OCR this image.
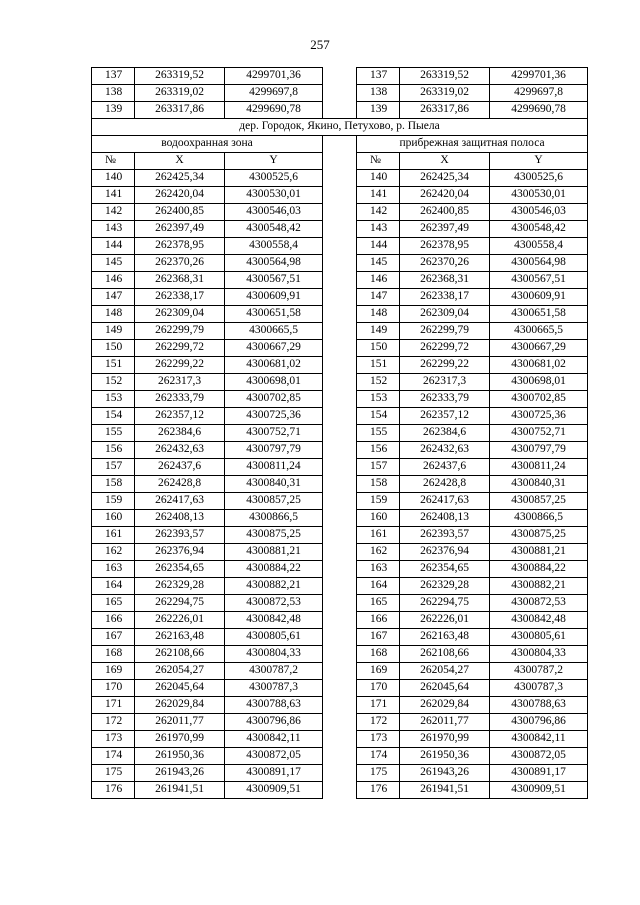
257
137	263319,52	4299701,36		137	263319,52	4299701,36
138	263319,02	4299697,8		138	263319,02	4299697,8
139	263317,86	4299690,78		139	263317,86	4299690,78
дер. Городок, Якино, Петухово, р. Пыела						
водоохранная зона				прибрежная защитная полоса		
№	X	Y		№	X	Y
140	262425,34	4300525,6		140	262425,34	4300525,6
141	262420,04	4300530,01		141	262420,04	4300530,01
142	262400,85	4300546,03		142	262400,85	4300546,03
143	262397,49	4300548,42		143	262397,49	4300548,42
144	262378,95	4300558,4		144	262378,95	4300558,4
145	262370,26	4300564,98		145	262370,26	4300564,98
146	262368,31	4300567,51		146	262368,31	4300567,51
147	262338,17	4300609,91		147	262338,17	4300609,91
148	262309,04	4300651,58		148	262309,04	4300651,58
149	262299,79	4300665,5		149	262299,79	4300665,5
150	262299,72	4300667,29		150	262299,72	4300667,29
151	262299,22	4300681,02		151	262299,22	4300681,02
152	262317,3	4300698,01		152	262317,3	4300698,01
153	262333,79	4300702,85		153	262333,79	4300702,85
154	262357,12	4300725,36		154	262357,12	4300725,36
155	262384,6	4300752,71		155	262384,6	4300752,71
156	262432,63	4300797,79		156	262432,63	4300797,79
157	262437,6	4300811,24		157	262437,6	4300811,24
158	262428,8	4300840,31		158	262428,8	4300840,31
159	262417,63	4300857,25		159	262417,63	4300857,25
160	262408,13	4300866,5		160	262408,13	4300866,5
161	262393,57	4300875,25		161	262393,57	4300875,25
162	262376,94	4300881,21		162	262376,94	4300881,21
163	262354,65	4300884,22		163	262354,65	4300884,22
164	262329,28	4300882,21		164	262329,28	4300882,21
165	262294,75	4300872,53		165	262294,75	4300872,53
166	262226,01	4300842,48		166	262226,01	4300842,48
167	262163,48	4300805,61		167	262163,48	4300805,61
168	262108,66	4300804,33		168	262108,66	4300804,33
169	262054,27	4300787,2		169	262054,27	4300787,2
170	262045,64	4300787,3		170	262045,64	4300787,3
171	262029,84	4300788,63		171	262029,84	4300788,63
172	262011,77	4300796,86		172	262011,77	4300796,86
173	261970,99	4300842,11		173	261970,99	4300842,11
174	261950,36	4300872,05		174	261950,36	4300872,05
175	261943,26	4300891,17		175	261943,26	4300891,17
176	261941,51	4300909,51		176	261941,51	4300909,51
